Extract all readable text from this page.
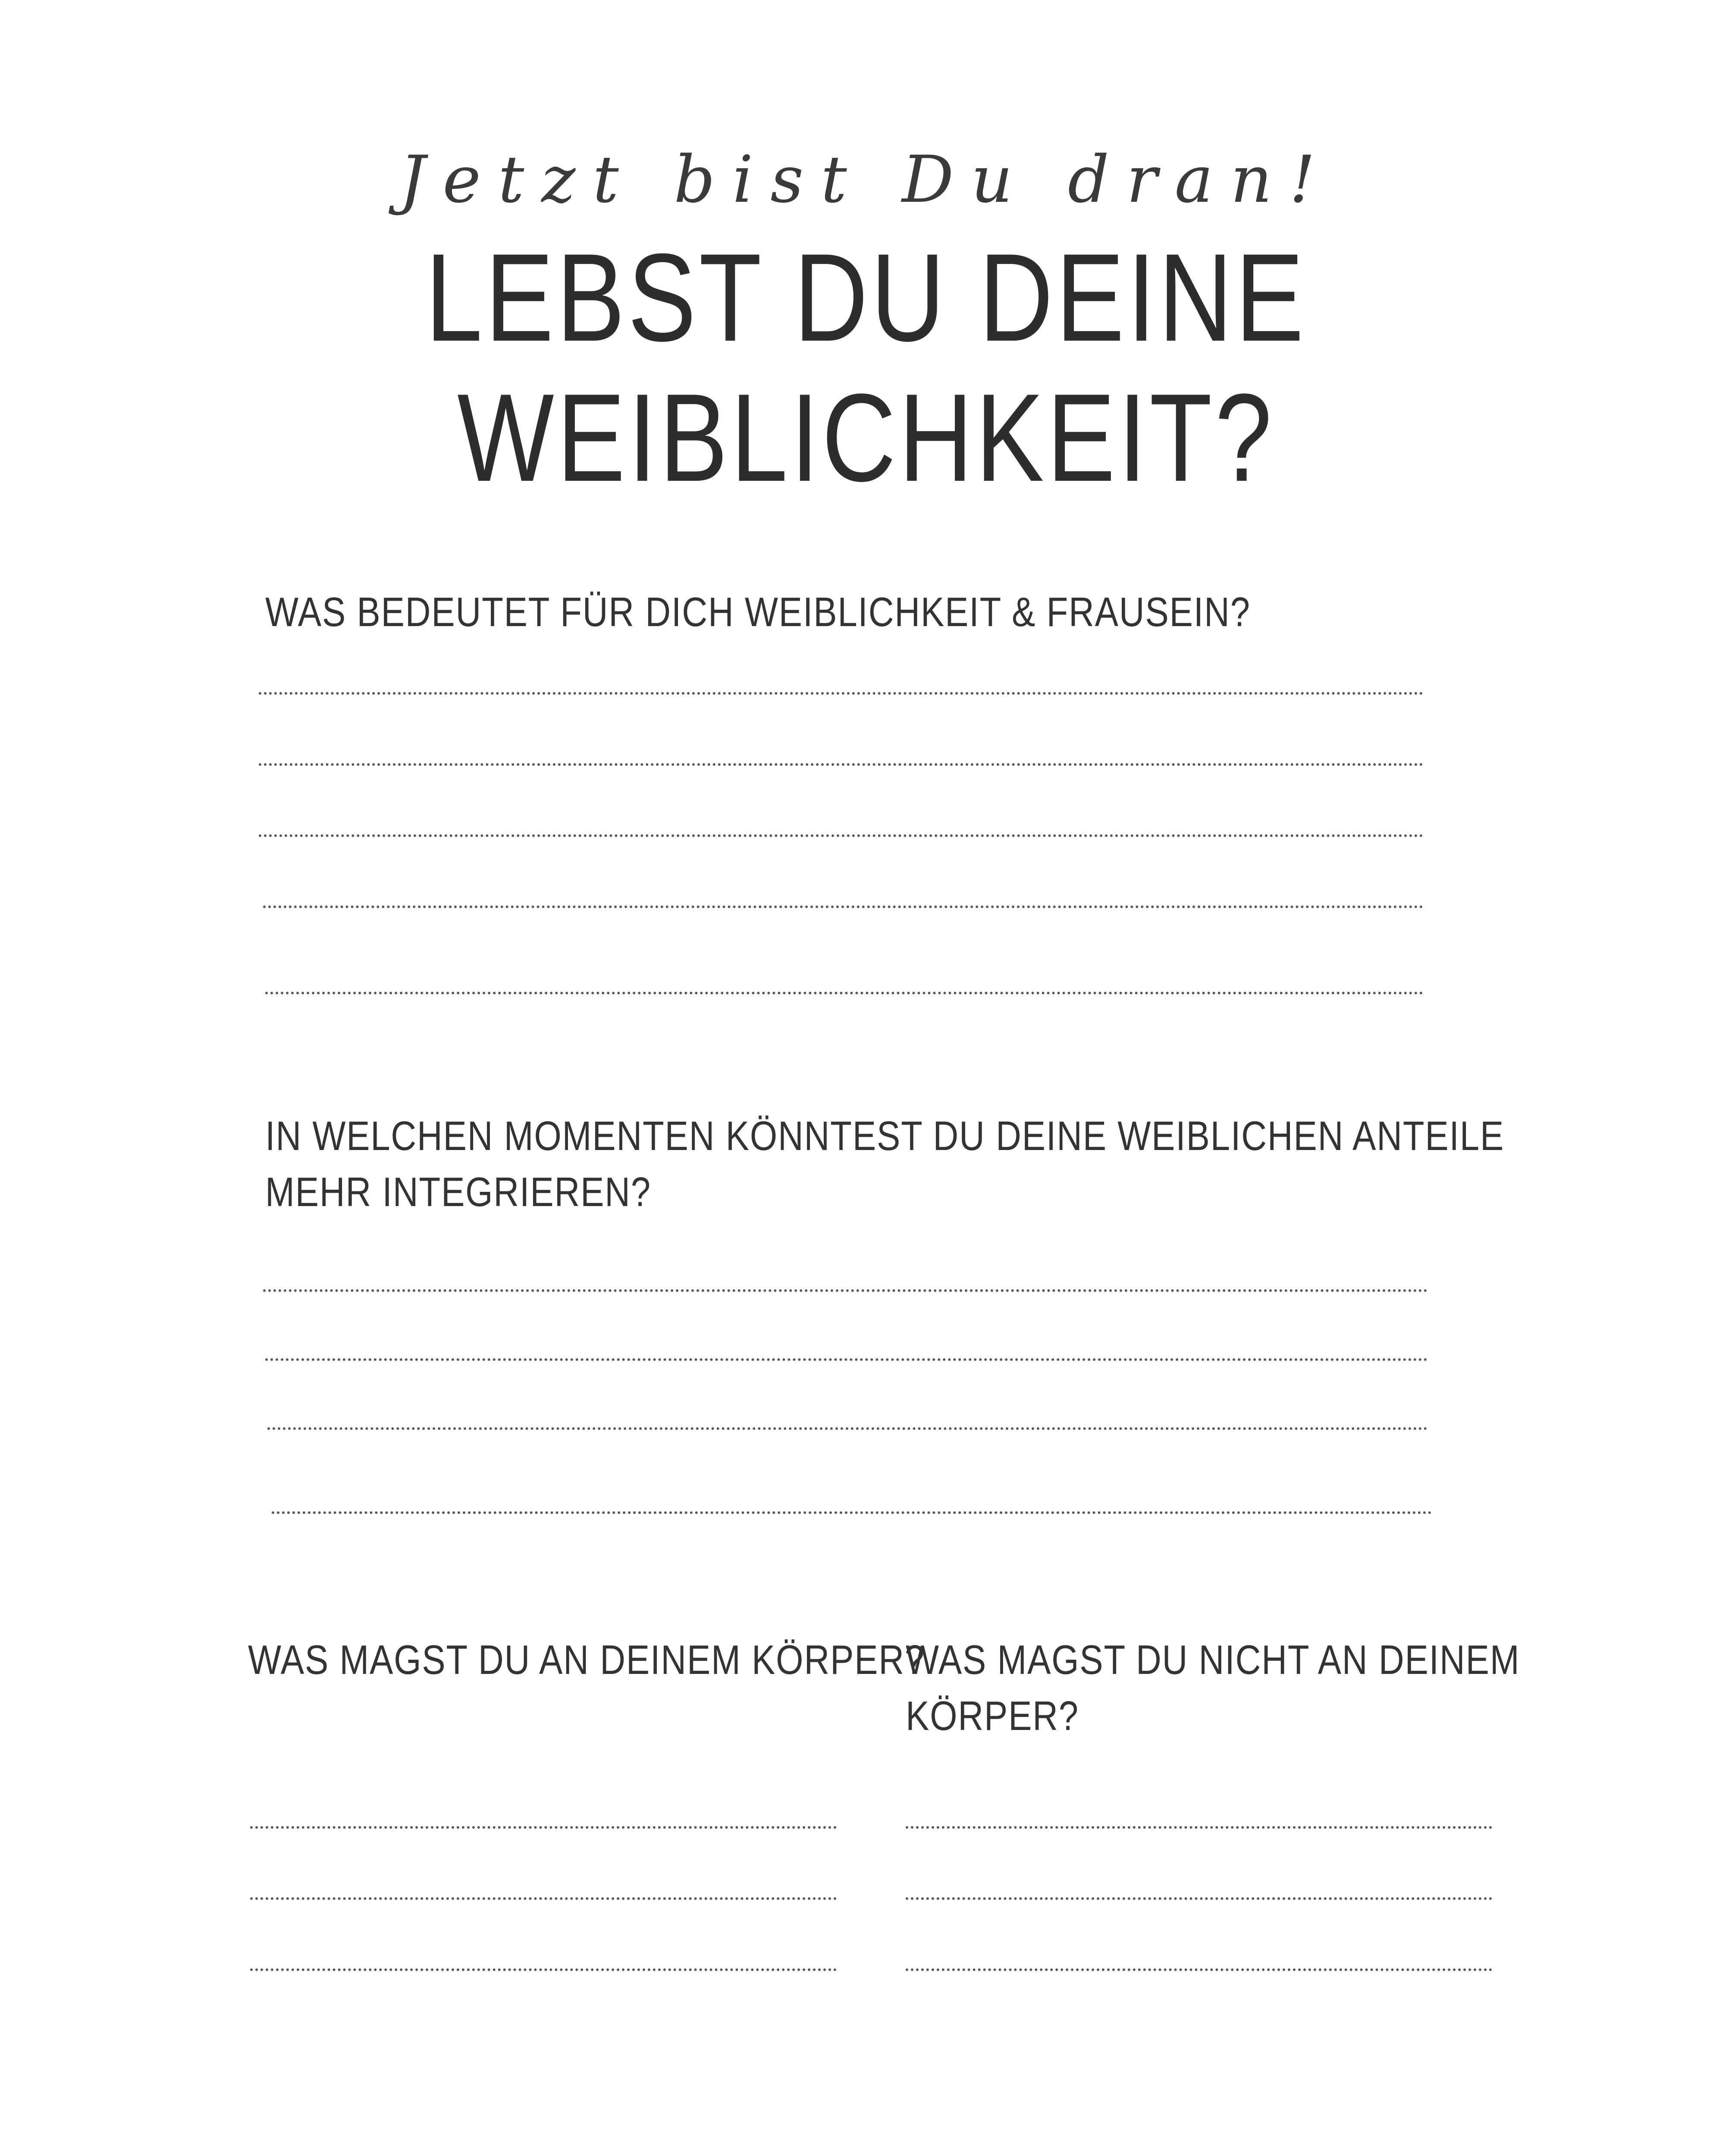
Jetzt bist Du dran!
LEBST DU DEINE
WEIBLICHKEIT?
WAS BEDEUTET FÜR DICH WEIBLICHKEIT & FRAUSEIN?
IN WELCHEN MOMENTEN KÖNNTEST DU DEINE WEIBLICHEN ANTEILE
MEHR INTEGRIEREN?
WAS MAGST DU AN DEINEM KÖRPER?
WAS MAGST DU NICHT AN DEINEM
KÖRPER?
